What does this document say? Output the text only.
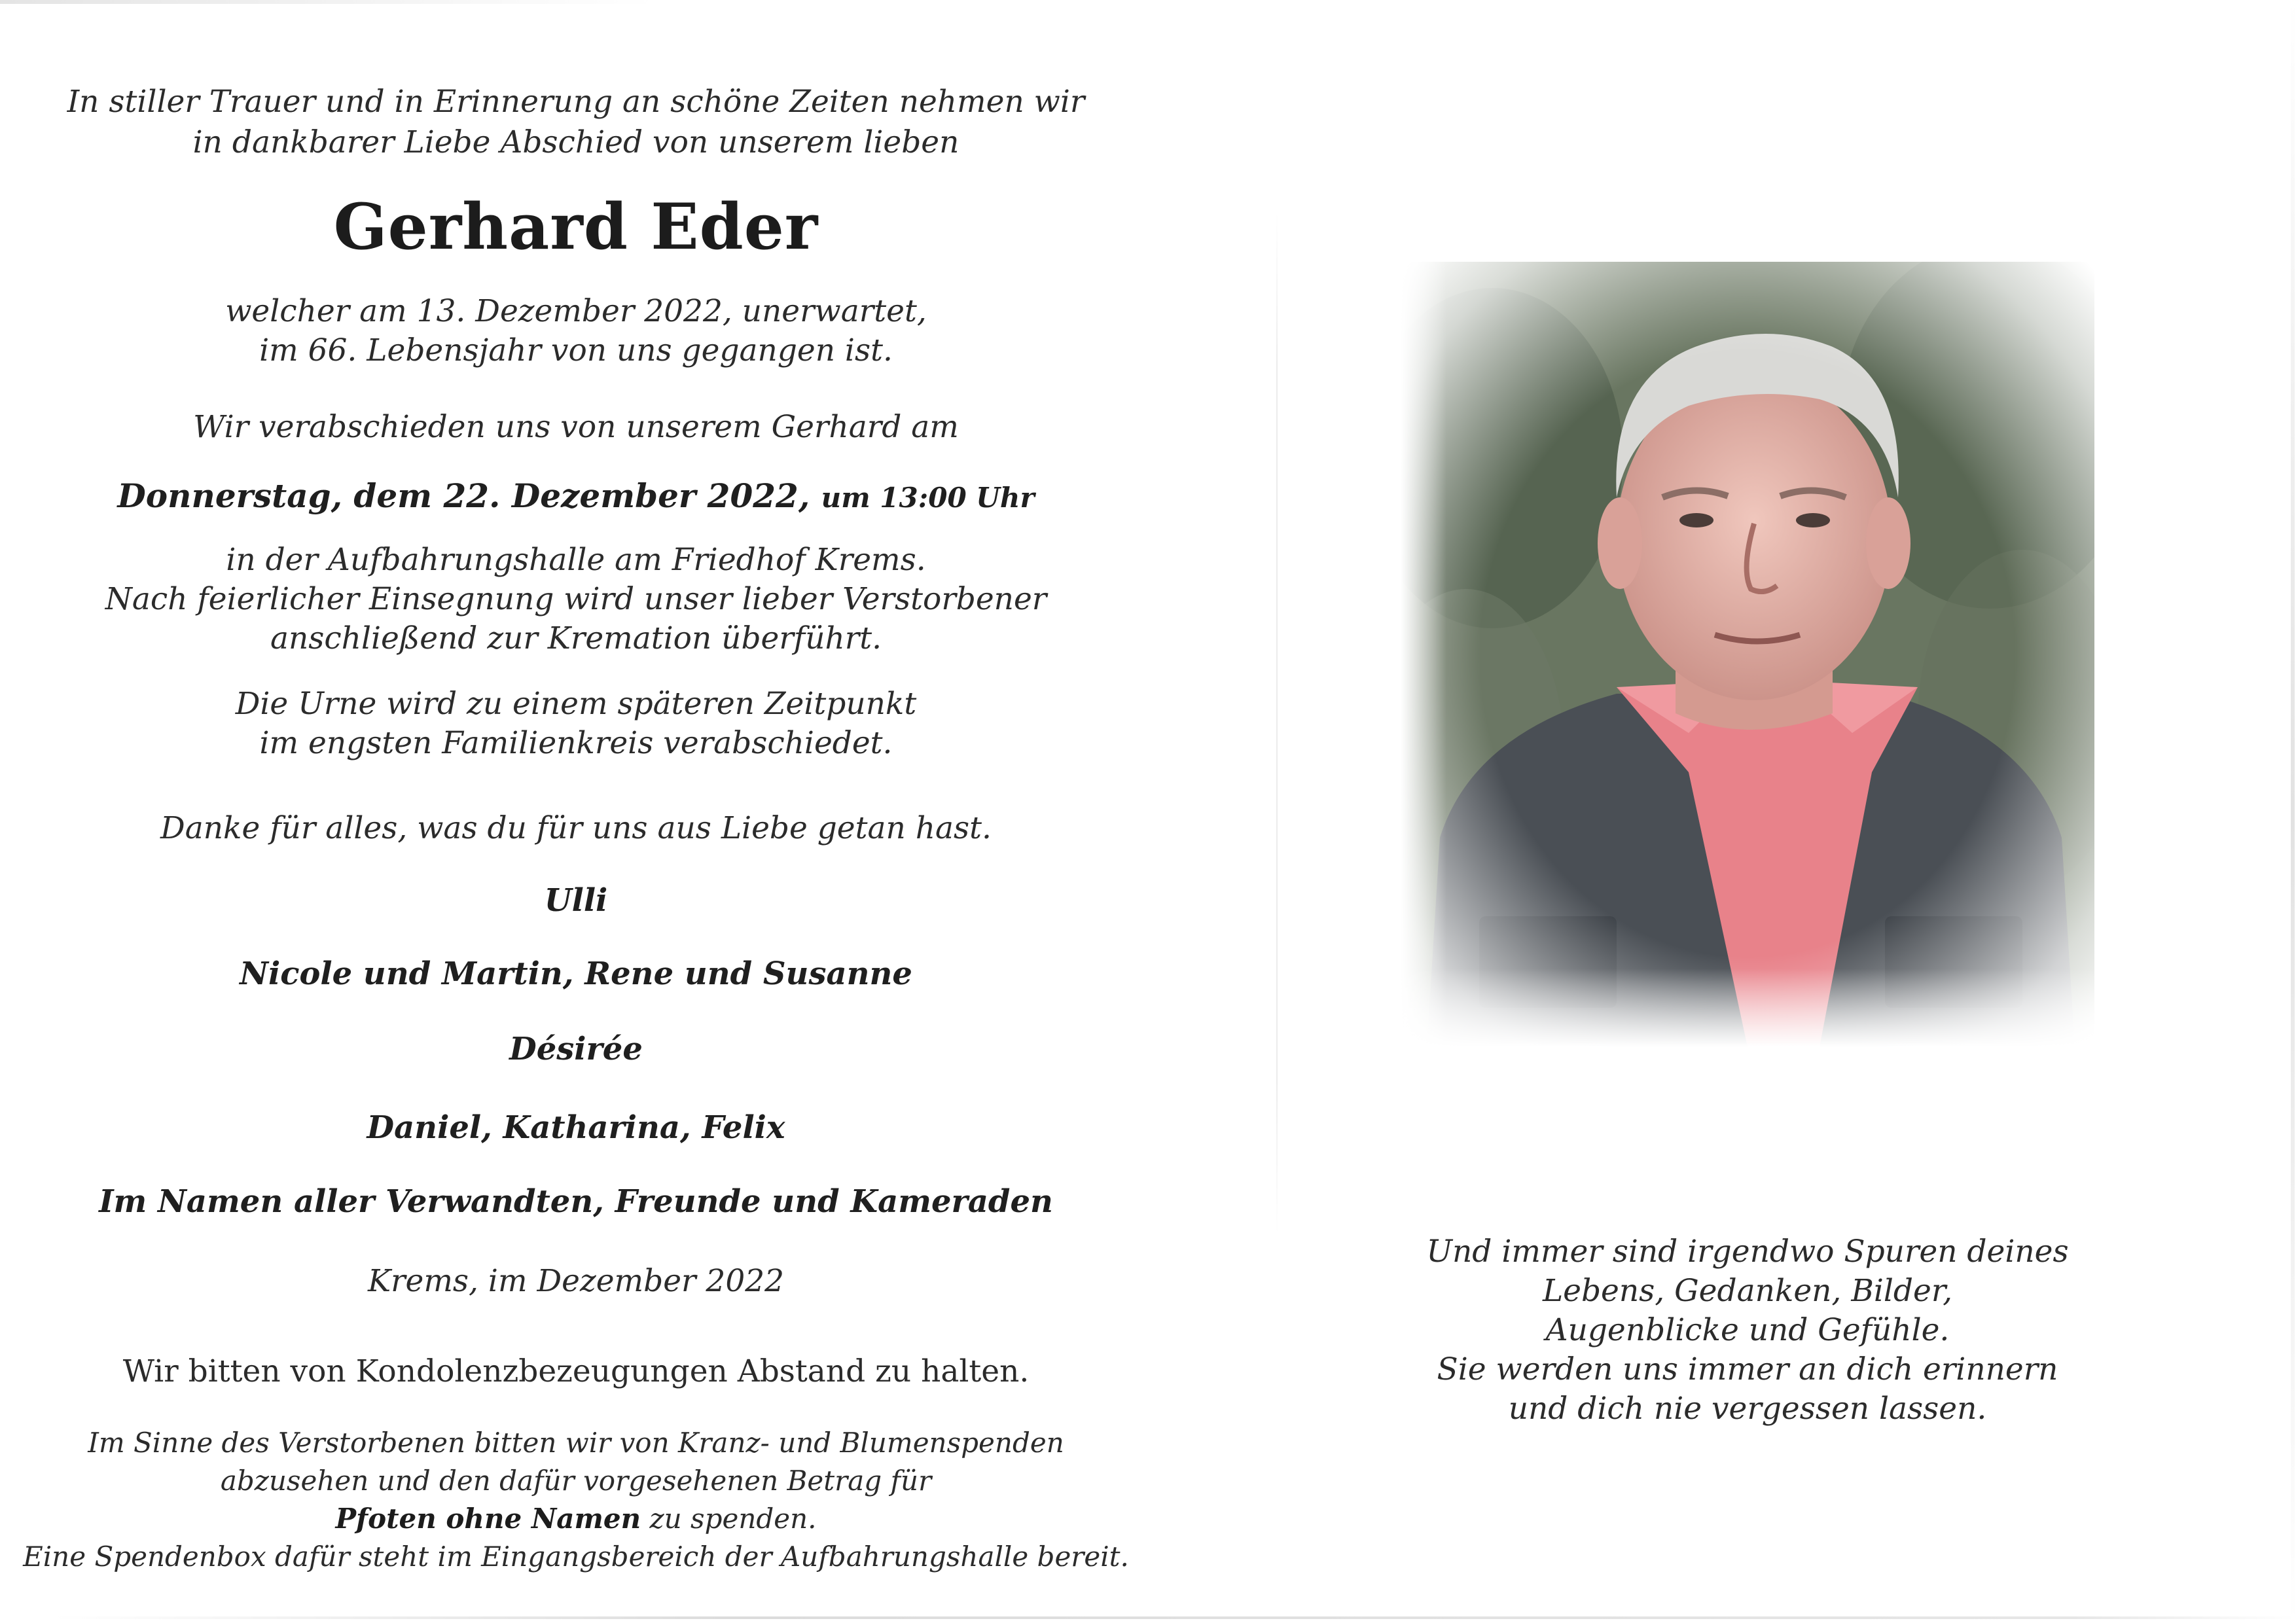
In stiller Trauer und in Erinnerung an schöne Zeiten nehmen wir
in dankbarer Liebe Abschied von unserem lieben
Gerhard Eder
welcher am 13. Dezember 2022, unerwartet,
im 66. Lebensjahr von uns gegangen ist.
Wir verabschieden uns von unserem Gerhard am
Donnerstag, dem 22. Dezember 2022, um 13:00 Uhr
in der Aufbahrungshalle am Friedhof Krems.
Nach feierlicher Einsegnung wird unser lieber Verstorbener
anschließend zur Kremation überführt.
Die Urne wird zu einem späteren Zeitpunkt
im engsten Familienkreis verabschiedet.
Danke für alles, was du für uns aus Liebe getan hast.
Ulli
Nicole und Martin, Rene und Susanne
Désirée
Daniel, Katharina, Felix
Im Namen aller Verwandten, Freunde und Kameraden
Krems, im Dezember 2022
Wir bitten von Kondolenzbezeugungen Abstand zu halten.
Im Sinne des Verstorbenen bitten wir von Kranz- und Blumenspenden
abzusehen und den dafür vorgesehenen Betrag für
Pfoten ohne Namen zu spenden.
Eine Spendenbox dafür steht im Eingangsbereich der Aufbahrungshalle bereit.
Und immer sind irgendwo Spuren deines
Lebens, Gedanken, Bilder,
Augenblicke und Gefühle.
Sie werden uns immer an dich erinnern
und dich nie vergessen lassen.
